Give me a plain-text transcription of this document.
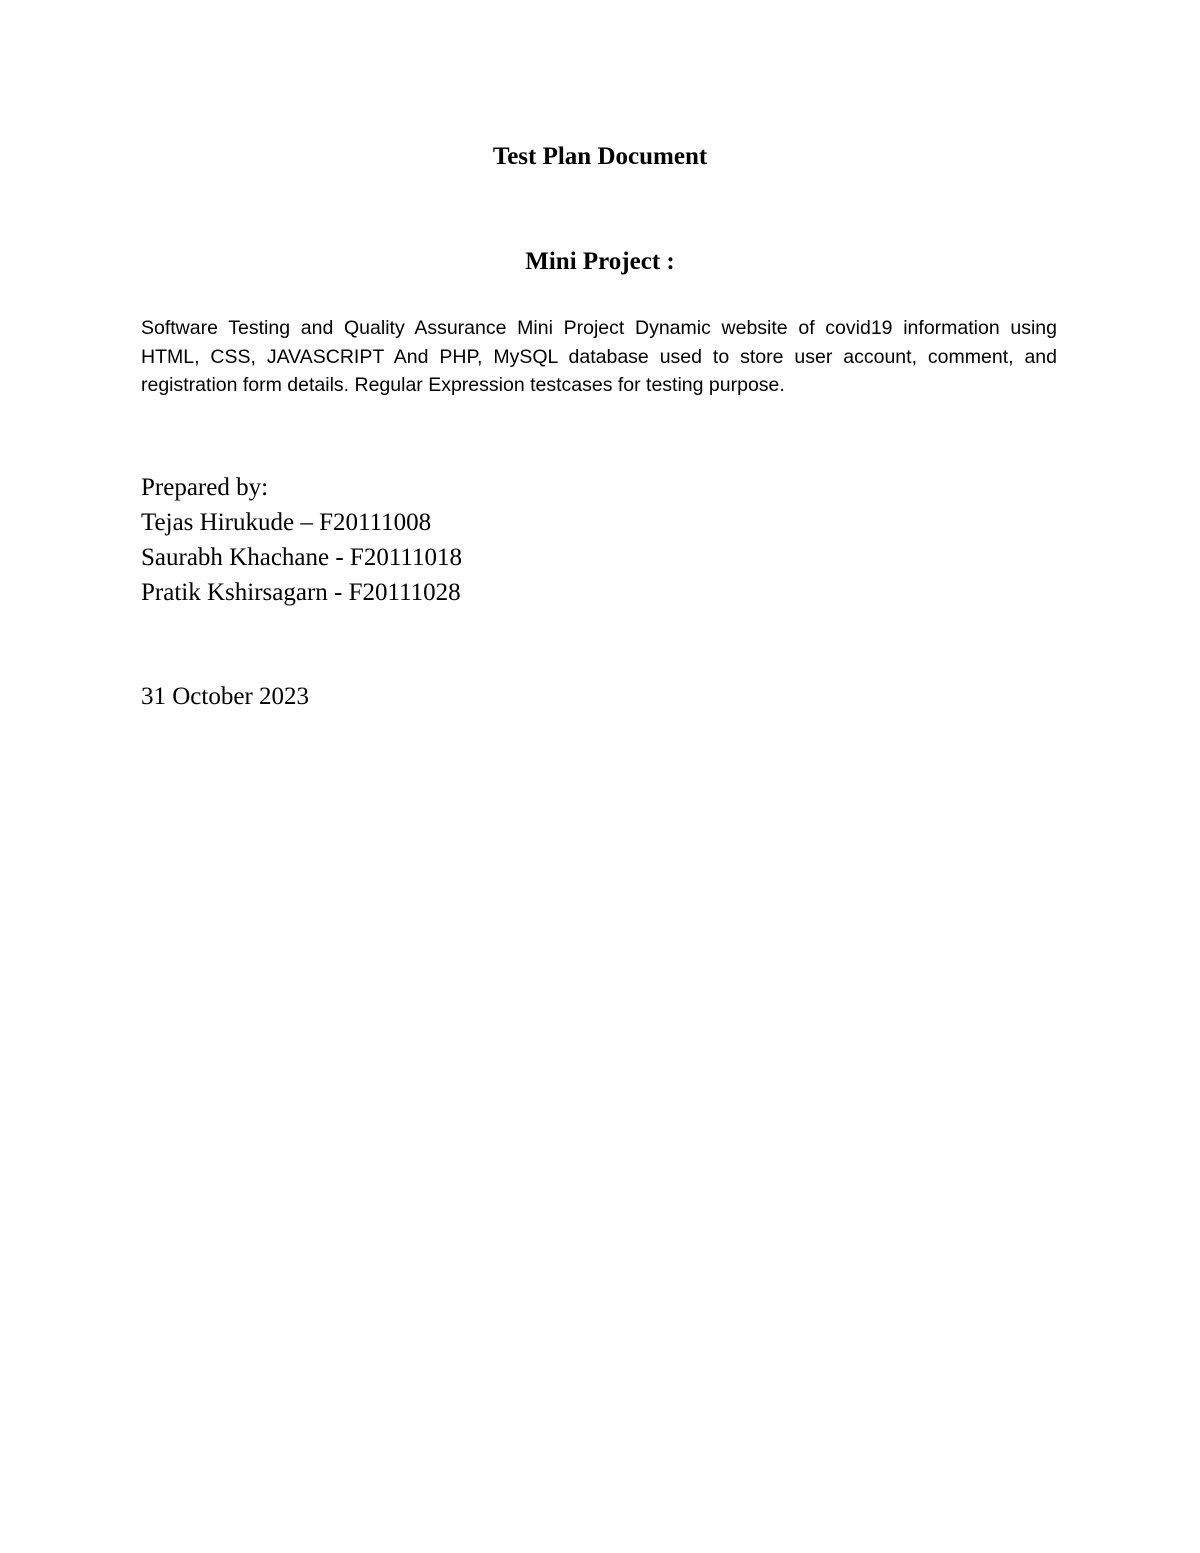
Test Plan Document
Mini Project :

Software Testing and Quality Assurance Mini Project Dynamic website of covid19 information using HTML, CSS, JAVASCRIPT And PHP, MySQL database used to store user account, comment, and registration form details. Regular Expression testcases for testing purpose.

Prepared by:
Tejas Hirukude – F20111008
Saurabh Khachane - F20111018
Pratik Kshirsagarn - F20111028
31 October 2023
